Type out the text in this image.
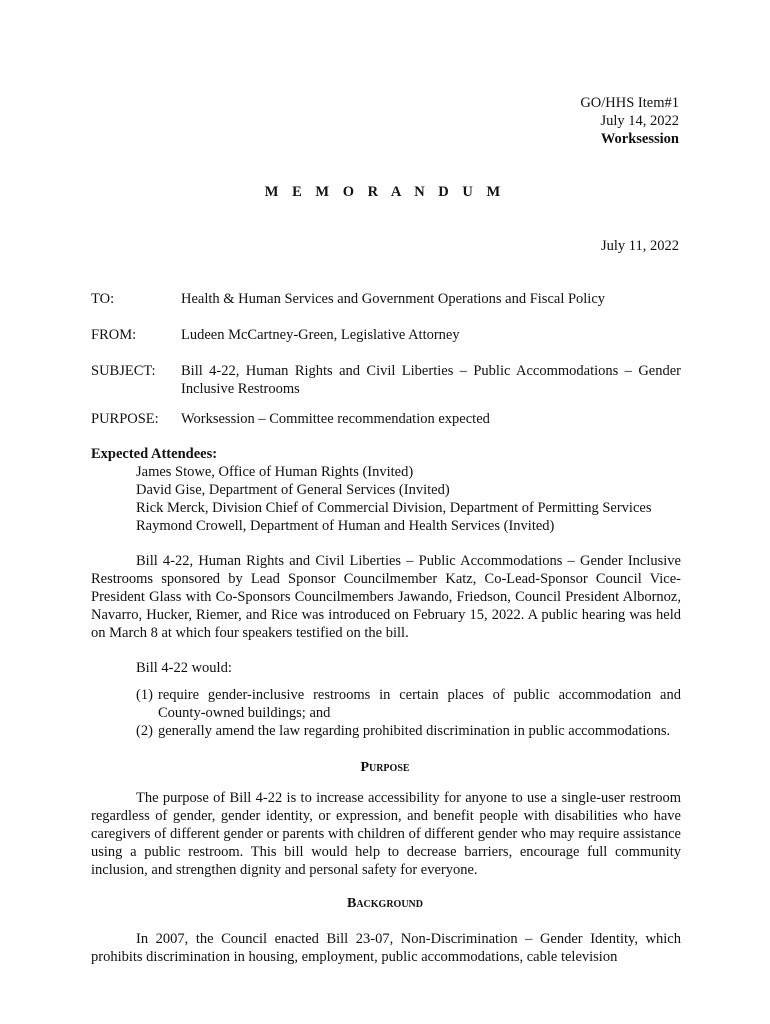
GO/HHS Item#1
July 14, 2022
Worksession
M E M O R A N D U M
July 11, 2022
TO:	Health & Human Services and Government Operations and Fiscal Policy
FROM:	Ludeen McCartney-Green, Legislative Attorney
SUBJECT: Bill 4-22, Human Rights and Civil Liberties – Public Accommodations – Gender Inclusive Restrooms
PURPOSE: Worksession – Committee recommendation expected
Expected Attendees:
James Stowe, Office of Human Rights (Invited)
David Gise, Department of General Services (Invited)
Rick Merck, Division Chief of Commercial Division, Department of Permitting Services
Raymond Crowell, Department of Human and Health Services (Invited)
Bill 4-22, Human Rights and Civil Liberties – Public Accommodations – Gender Inclusive Restrooms sponsored by Lead Sponsor Councilmember Katz, Co-Lead-Sponsor Council Vice-President Glass with Co-Sponsors Councilmembers Jawando, Friedson, Council President Albornoz, Navarro, Hucker, Riemer, and Rice was introduced on February 15, 2022. A public hearing was held on March 8 at which four speakers testified on the bill.
Bill 4-22 would:
(1) require gender-inclusive restrooms in certain places of public accommodation and County-owned buildings; and
(2) generally amend the law regarding prohibited discrimination in public accommodations.
Purpose
The purpose of Bill 4-22 is to increase accessibility for anyone to use a single-user restroom regardless of gender, gender identity, or expression, and benefit people with disabilities who have caregivers of different gender or parents with children of different gender who may require assistance using a public restroom. This bill would help to decrease barriers, encourage full community inclusion, and strengthen dignity and personal safety for everyone.
Background
In 2007, the Council enacted Bill 23-07, Non-Discrimination – Gender Identity, which prohibits discrimination in housing, employment, public accommodations, cable television
